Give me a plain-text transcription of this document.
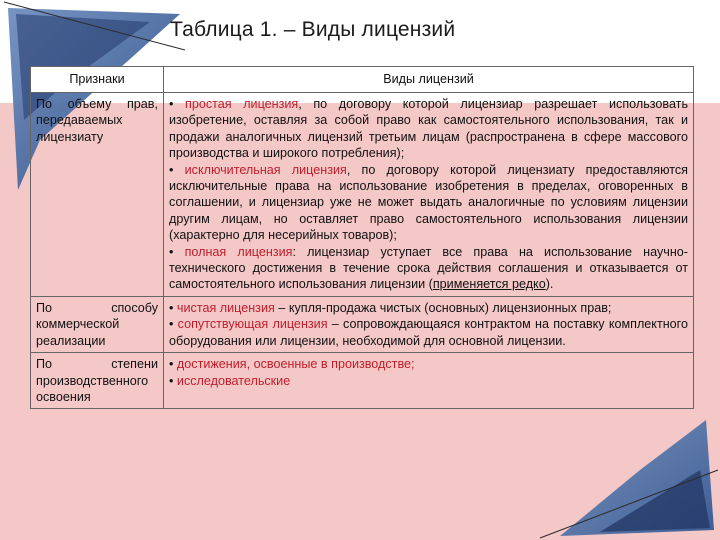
Таблица 1. – Виды лицензий
Признаки	Виды лицензий
По объему прав, передаваемых лицензиату	• простая лицензия, по договору которой лицензиар разрешает использовать изобретение, оставляя за собой право как самостоятельного использования, так и продажи аналогичных лицензий третьим лицам (распространена в сфере массового производства и широкого потребления);
• исключительная лицензия, по договору которой лицензиату предоставляются исключительные права на использование изобретения в пределах, оговоренных в соглашении, и лицензиар уже не может выдать аналогичные по условиям лицензии другим лицам, но оставляет право самостоятельного использования лицензии (характерно для несерийных товаров);
• полная лицензия: лицензиар уступает все права на использование научно-технического достижения в течение срока действия соглашения и отказывается от самостоятельного использования лицензии (применяется редко).
По способу коммерческой реализации	• чистая лицензия – купля-продажа чистых (основных) лицензионных прав;
• сопутствующая лицензия – сопровождающаяся контрактом на поставку комплектного оборудования или лицензии, необходимой для основной лицензии.
По степени производственного освоения	• достижения, освоенные в производстве;
• исследовательские
